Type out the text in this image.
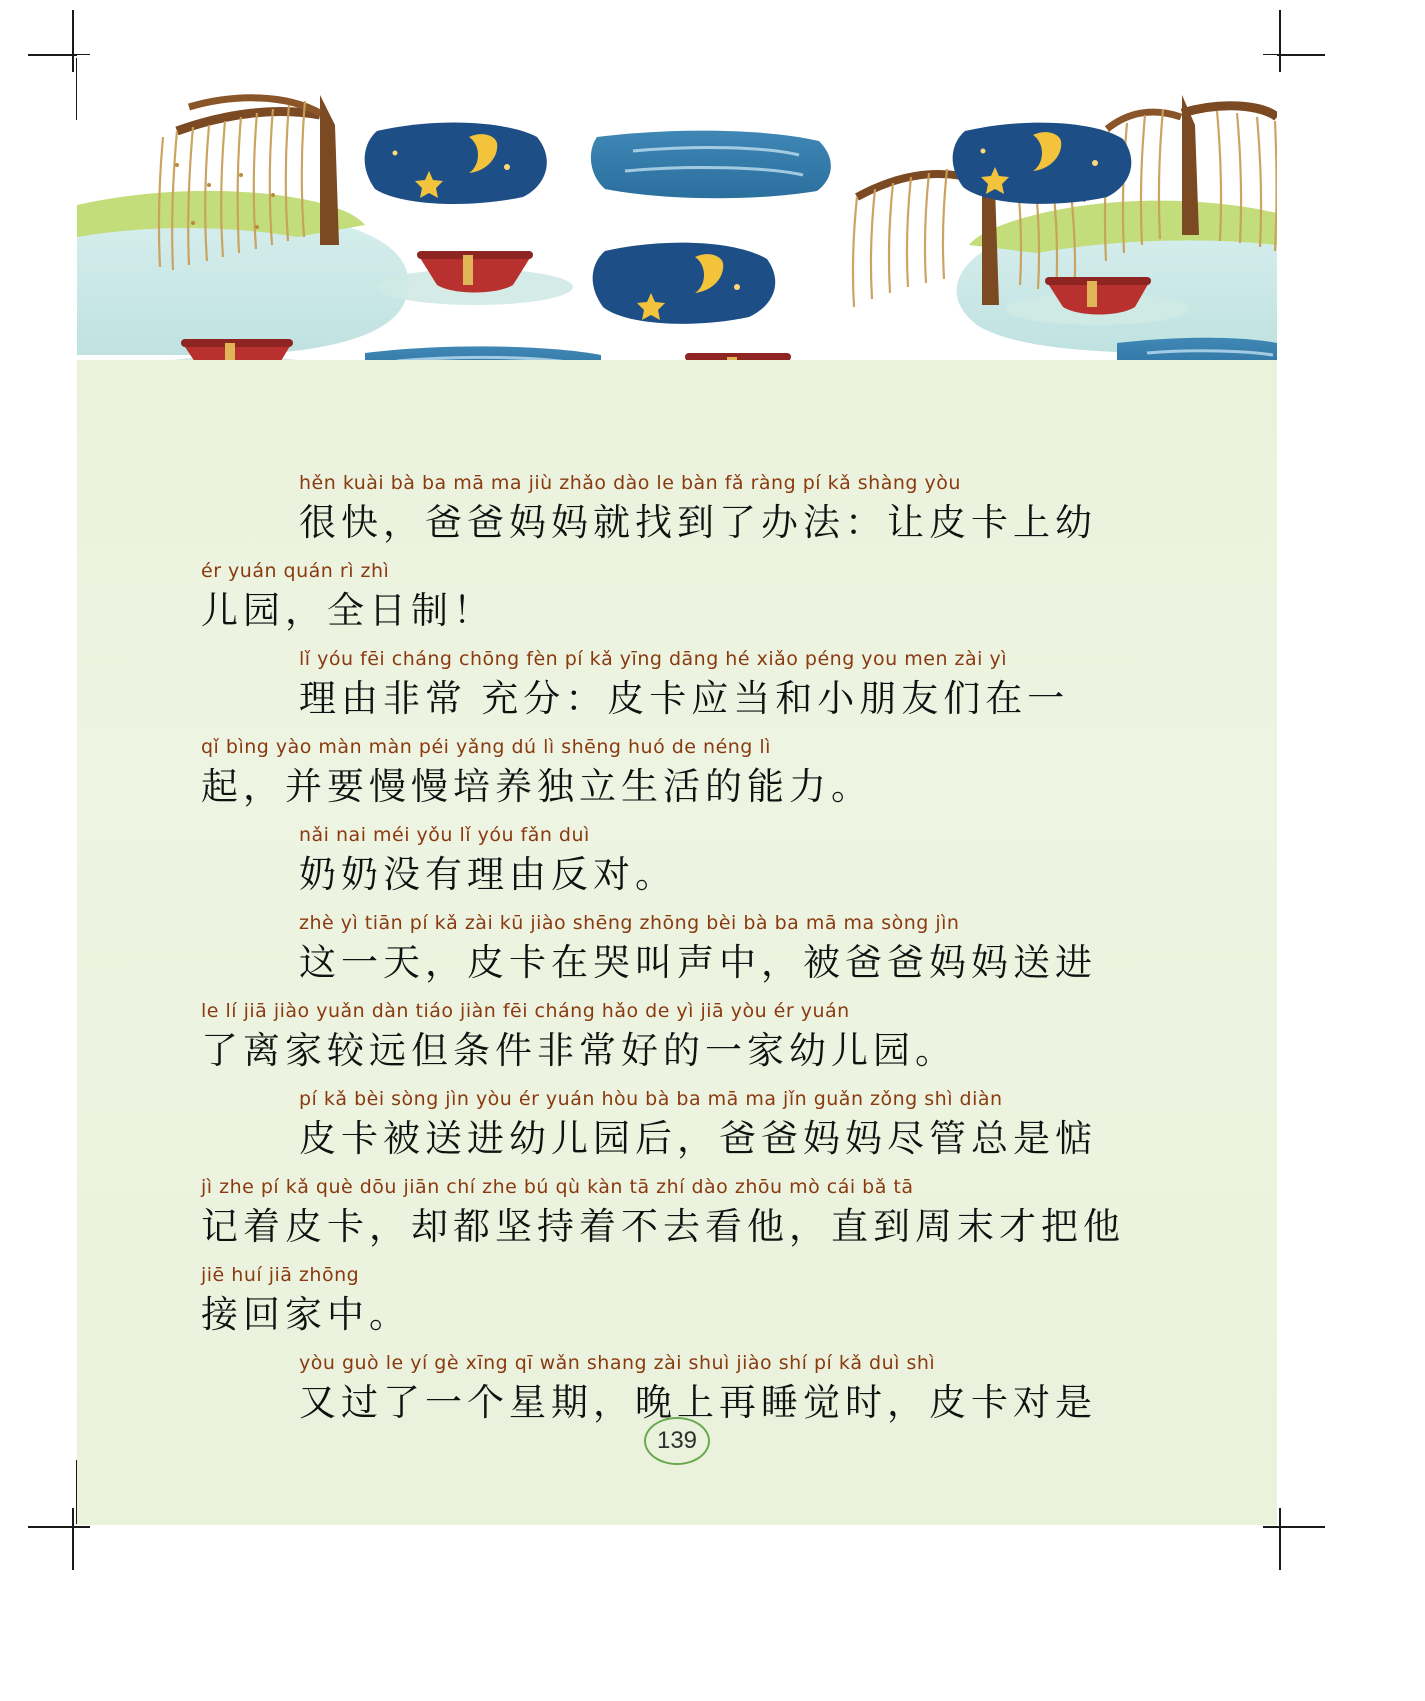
hěn kuài bà ba mā ma jiù zhǎo dào le bàn fǎ ràng pí kǎ shàng yòu
很快，爸爸妈妈就找到了办法：让皮卡上幼
ér yuán quán rì zhì
儿园，全日制！
lǐ yóu fēi cháng chōng fèn pí kǎ yīng dāng hé xiǎo péng you men zài yì
理由非常 充分：皮卡应当和小朋友们在一
qǐ bìng yào màn màn péi yǎng dú lì shēng huó de néng lì
起，并要慢慢培养独立生活的能力。
nǎi nai méi yǒu lǐ yóu fǎn duì
奶奶没有理由反对。
zhè yì tiān pí kǎ zài kū jiào shēng zhōng bèi bà ba mā ma sòng jìn
这一天，皮卡在哭叫声中，被爸爸妈妈送进
le lí jiā jiào yuǎn dàn tiáo jiàn fēi cháng hǎo de yì jiā yòu ér yuán
了离家较远但条件非常好的一家幼儿园。
pí kǎ bèi sòng jìn yòu ér yuán hòu bà ba mā ma jǐn guǎn zǒng shì diàn
皮卡被送进幼儿园后，爸爸妈妈尽管总是惦
jì zhe pí kǎ què dōu jiān chí zhe bú qù kàn tā zhí dào zhōu mò cái bǎ tā
记着皮卡，却都坚持着不去看他，直到周末才把他
jiē huí jiā zhōng
接回家中。
yòu guò le yí gè xīng qī wǎn shang zài shuì jiào shí pí kǎ duì shì
又过了一个星期，晚上再睡觉时，皮卡对是
139
